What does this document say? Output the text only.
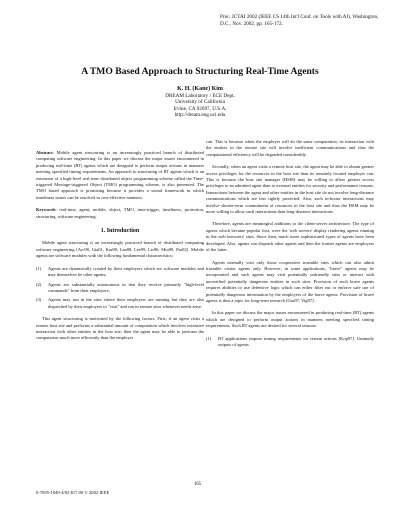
Proc. ICTAI 2002 (IEEE CS 14th Int'l Conf. on Tools with AI), Washington, D.C., Nov. 2002, pp. 165-172.
A TMO Based Approach to Structuring Real-Time Agents
K. H. (Kane) Kim
DREAM Laboratory / ECE Dept.
University of California
Irvine, CA 92697, U.S.A.
http://dream.eng.uci.edu

Abstract: Mobile agent structuring is an increasingly practiced branch of distributed computing software engineering. In this paper we discuss the major issues encountered in producing real-time (RT) agents which are designed to perform output actions in manners meeting specified timing requirements. An approach to structuring of RT agents which is an extension of a high-level real-time distributed object programming scheme called the Time-triggered Message-triggered Object (TMO) programming scheme, is also presented. The TMO based approach is promising because it provides a sound framework in which timeliness issues can be resolved in cost-effective manners.

Keywords: real-time, agent, mobile, object, TMO, time-trigger, timeliness, protection, structuring, software engineering.

1. Introduction

Mobile agent structuring is an increasingly practiced branch of distributed computing software engineering [Arc98, Gia01, Kar98, Lan98, Lee99, Lis96, Min99, Par02]. Mobile agents are software modules with the following fundamental characteristics:

(1) Agents are dynamically created by their employers which are software modules and may themselves be other agents;
(2) Agents are substantially autonomous in that they receive primarily "high-level commands" from their employers;
(3) Agents may run in the sites where their employers are running but they are also dispatched by their employers to "visit" and run in remote sites whenever needs arise.

This agent structuring is motivated by the following factors. First, if an agent visits a remote host site and performs a substantial amount of computation which involves extensive interaction with other entities in the host site, then the agent may be able to perform the computation much more efficiently than the employer

can. This is because when the employer will do the same computation, its interaction with the entities in the remote site will involve inefficient communications and thus the computational efficiency will be degraded considerably.

Secondly, when an agent visits a remote host site, the agent may be able to obtain greater access privileges for the resources in the host site than its remotely located employer can. This is because the host site manager (HSM) may be willing to allow greater access privileges to an admitted agent than to external entities for security and performance reasons. Interactions between the agent and other entities in the host site do not involve long-distance communications which are less tightly protected. Also, such in-house interactions may involve shorter-term commitment of resources in the host site and thus the HSM may be more willing to allow such interactions than long-distance interactions.

Therefore, agents are meaningful additions to the client-server architecture. The type of agents which became popular first, were the 'web servers' display rendering agents running in the web browsers' sites. Since then, much more sophisticated types of agents have been developed. Also, agents can dispatch other agents and then the former agents are employers of the latter.

Agents normally visit only those cooperative trustable sites which can also admit trustable visitor agents only. However, in some applications, "brave" agents may be incorporated and such agents may visit potentially unfriendly sites or interact with uncertified potentially dangerous entities in such sites. Provision of such brave agents requires abilities to use defensive logic which can either filter out or enforce safe use of potentially dangerous information by the employers of the brave agents. Provision of brave agents is thus a topic for long-term research [Gas97, Vig97].

In this paper we discuss the major issues encountered in producing real-time (RT) agents which are designed to perform output actions in manners meeting specified timing requirements. Such RT agents are desired for several reasons:

(1) RT applications impose timing requirements on certain actions [Kop97]. Untimely outputs of agents
165
0-7695-1849-4/02 $17.00 © 2002 IEEE
